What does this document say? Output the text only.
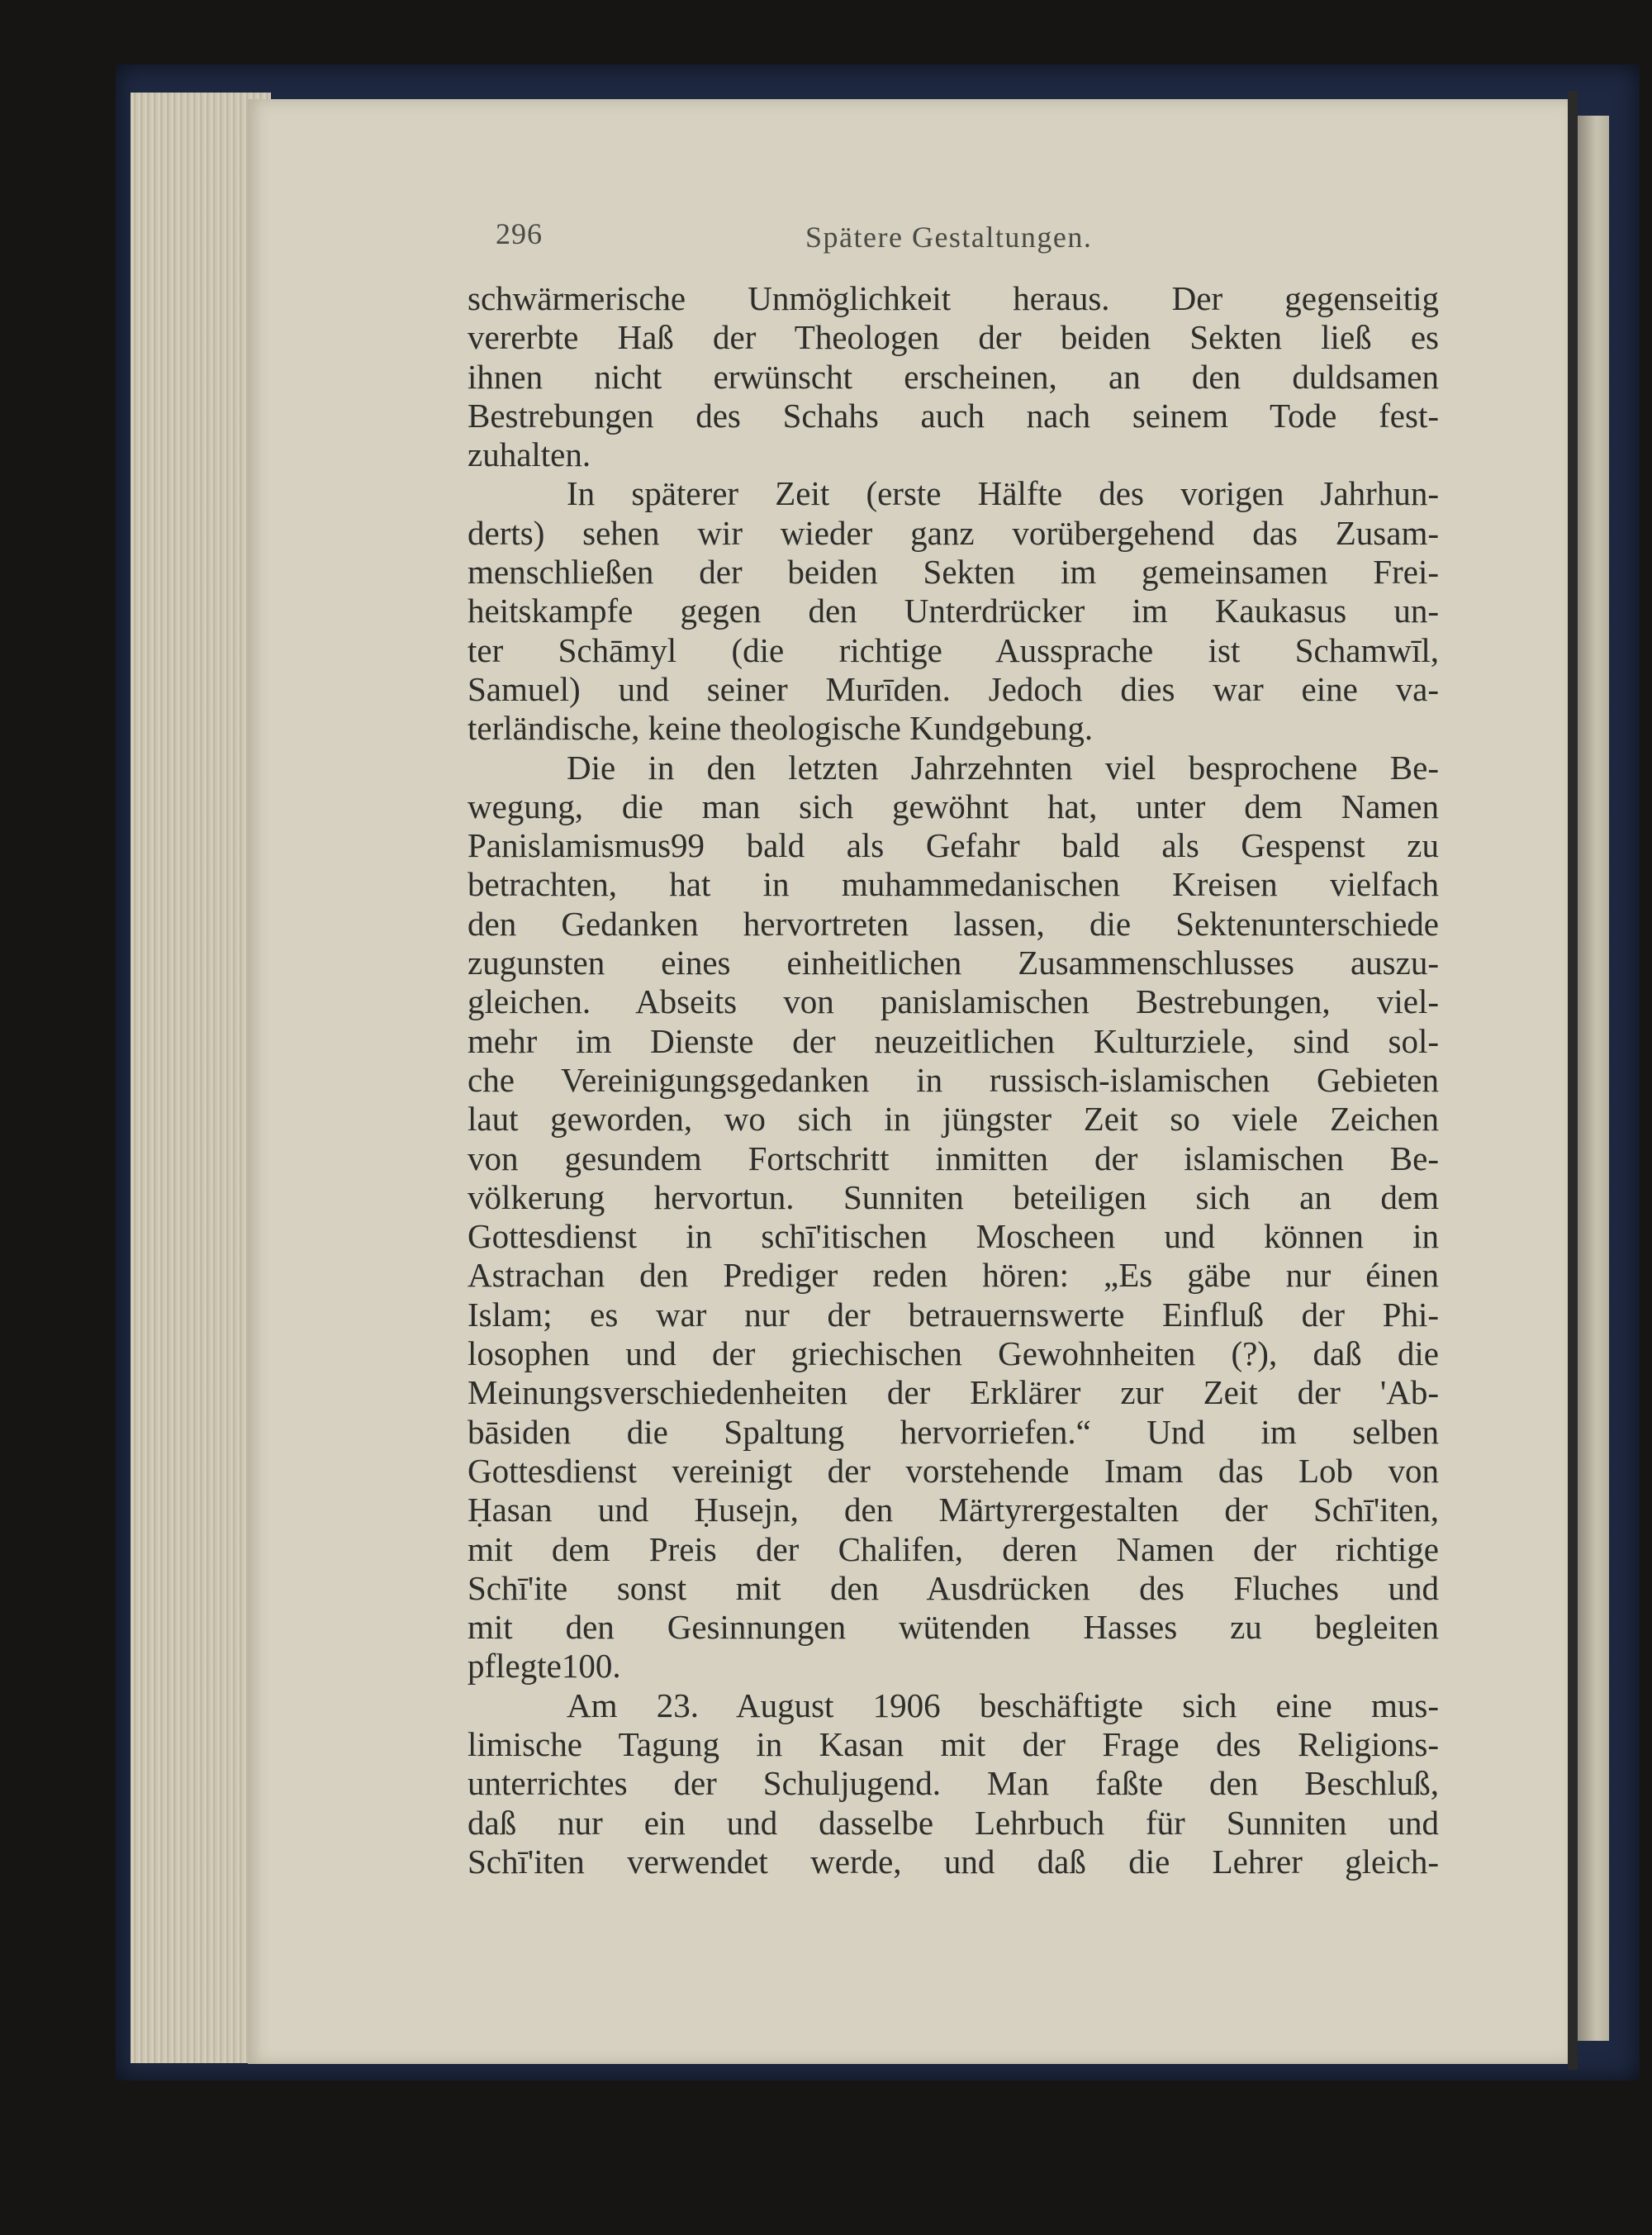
296	Spätere Gestaltungen.
schwärmerische Unmöglichkeit heraus. Der gegenseitig
vererbte Haß der Theologen der beiden Sekten ließ es
ihnen nicht erwünscht erscheinen, an den duldsamen
Bestrebungen des Schahs auch nach seinem Tode fest-
zuhalten.
In späterer Zeit (erste Hälfte des vorigen Jahrhun-
derts) sehen wir wieder ganz vorübergehend das Zusam-
menschließen der beiden Sekten im gemeinsamen Frei-
heitskampfe gegen den Unterdrücker im Kaukasus un-
ter Schāmyl (die richtige Aussprache ist Schamwīl,
Samuel) und seiner Murīden. Jedoch dies war eine va-
terländische, keine theologische Kundgebung.
Die in den letzten Jahrzehnten viel besprochene Be-
wegung, die man sich gewöhnt hat, unter dem Namen
Panislamismus99 bald als Gefahr bald als Gespenst zu
betrachten, hat in muhammedanischen Kreisen vielfach
den Gedanken hervortreten lassen, die Sektenunterschiede
zugunsten eines einheitlichen Zusammenschlusses auszu-
gleichen. Abseits von panislamischen Bestrebungen, viel-
mehr im Dienste der neuzeitlichen Kulturziele, sind sol-
che Vereinigungsgedanken in russisch-islamischen Gebieten
laut geworden, wo sich in jüngster Zeit so viele Zeichen
von gesundem Fortschritt inmitten der islamischen Be-
völkerung hervortun. Sunniten beteiligen sich an dem
Gottesdienst in schī'itischen Moscheen und können in
Astrachan den Prediger reden hören: „Es gäbe nur éinen
Islam; es war nur der betrauernswerte Einfluß der Phi-
losophen und der griechischen Gewohnheiten (?), daß die
Meinungsverschiedenheiten der Erklärer zur Zeit der 'Ab-
bāsiden die Spaltung hervorriefen.“ Und im selben
Gottesdienst vereinigt der vorstehende Imam das Lob von
Ḥasan und Ḥusejn, den Märtyrergestalten der Schī'iten,
mit dem Preis der Chalifen, deren Namen der richtige
Schī'ite sonst mit den Ausdrücken des Fluches und
mit den Gesinnungen wütenden Hasses zu begleiten
pflegte100.
Am 23. August 1906 beschäftigte sich eine mus-
limische Tagung in Kasan mit der Frage des Religions-
unterrichtes der Schuljugend. Man faßte den Beschluß,
daß nur ein und dasselbe Lehrbuch für Sunniten und
Schī'iten verwendet werde, und daß die Lehrer gleich-
